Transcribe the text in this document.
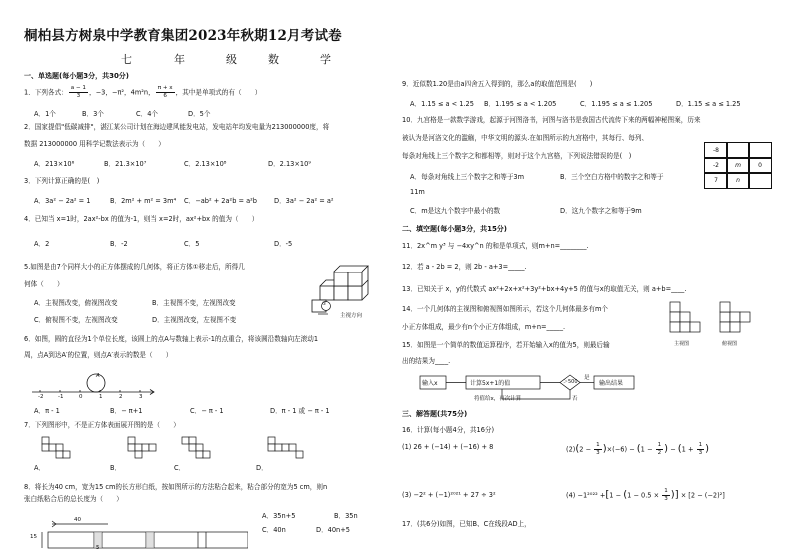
桐柏县方树泉中学教育集团2023年秋期12月考试卷
七	年	级	数	学
一、单选题(每小题3分，共30分)
1．下列各式： $\frac{a - 1}{3}$ ，−3，−π²，4m²n， $\frac{\pi + x}{6}$ ，其中是单项式的有（　　）
A．1个	B．3个	C．4个	D．5个
2．国家提倡"低碳减排"，湛江某公司计划在海边建风能发电站，发电站年均发电量为213000000度，将
数据 213000000 用科学记数法表示为（　　）
A．213×10⁶	B．21.3×10⁷	C．2.13×10⁸	D．2.13×10⁹
3．下列计算正确的是(　)
A．3a² − 2a² = 1	B．2m² + m² = 3m⁴ C．−ab² + 2a²b = a²b	D．3a² − 2a² = a²
4．已知当 x=1时，2ax²-bx 的值为-1，则当 x=2时，ax²+bx 的值为（　　）
A．2	B．-2	C．5	D．-5
5.如图是由7个同样大小的正方体摆成的几何体，将正方体①移走后，所得几
何体（　　）
A．主视图改变，俯视图改变	B．主视图不变，左视图改变
C．俯视图不变，左视图改变	D．主视图改变，左视图不变
①
主视方向
6．如图，圆的直径为1个单位长度，该圆上的点A与数轴上表示-1的点重合，将该圆沿数轴向左滚动1
周，点A到达A′的位置，则点A′表示的数是（　　）
-2	-1	0	1	2	3
A
A．π - 1	B．− π+1	C．− π - 1	D．π - 1 或 − π - 1
7．下列图形中，不是正方体表面展开图的是（　　）
A．	B．	C．	D．
8．将长为40 cm，宽为15 cm的长方形白纸，按如图所示的方法粘合起来，粘合部分的宽为5 cm，则n
张白纸粘合后的总长度为（　　）
40
5
15
A．35n+5	B．35n
C．40n	D．40n+5
9．近似数1.20是由a四舍五入得到的，那么a的取值范围是(　　)
A．1.15 ≤ a < 1.25 B．1.195 ≤ a < 1.205	C．1.195 ≤ a ≤ 1.205	D．1.15 ≤ a ≤ 1.25
10．九宫格是一款数学游戏，起源于河图洛书，河图与洛书是我国古代流传下来的两幅神秘图案，历来
被认为是河洛文化的滥觞，中华文明的源头.在如图所示的九宫格中，其每行、每列、
每条对角线上三个数字之和都相等，则对于这个九宫格，下列说法错误的是(　)
A．每条对角线上三个数字之和等于3m	B．三个空白方格中的数字之和等于
11m
C．m是这九个数字中最小的数	D．这九个数字之和等于9m
-8
-2	m	0
7	n
二、填空题(每小题3分，共15分)
11．2x^m y³ 与 −4xy^n 的和是单项式，则m+n=________.
12．若 a - 2b = 2，则 2b - a+3=_____.
13．已知关于 x，y的代数式 ax²+2x+x²+3y²+bx+4y+5 的值与x的取值无关，则 a+b=____.
14．一个几何体的主视图和俯视图如图所示，若这个几何体最多有m个
小正方体组成，最少有n个小正方体组成，m+n=_____.
主视图	俯视图
15．如图是一个简单的数值运算程序，若开始输入x的值为5，则最后输
出的结果为____.
输入x	计算5x+1的值	＞500
是
输出结果
将值给x，再次计算	否
三、解答题(共75分)
16．计算(每小题4分，共16分)
(1) 26 + (−14) + (−16) + 8	$(2)(2 - \frac{1}{3} )\times(-6) - (1 - \frac{1}{2}$ ) − ($1 + \frac{1}{3}$ )
(3) −2² + (−1)²⁰²¹ + 27 ÷ 3²	$(4) -1^{2022} +[1 - (1 - 0.5 \times \frac{1}{3}$ )] × [2 − (−2)²]
17．(共6分)如图，已知B、C在线段AD上，
